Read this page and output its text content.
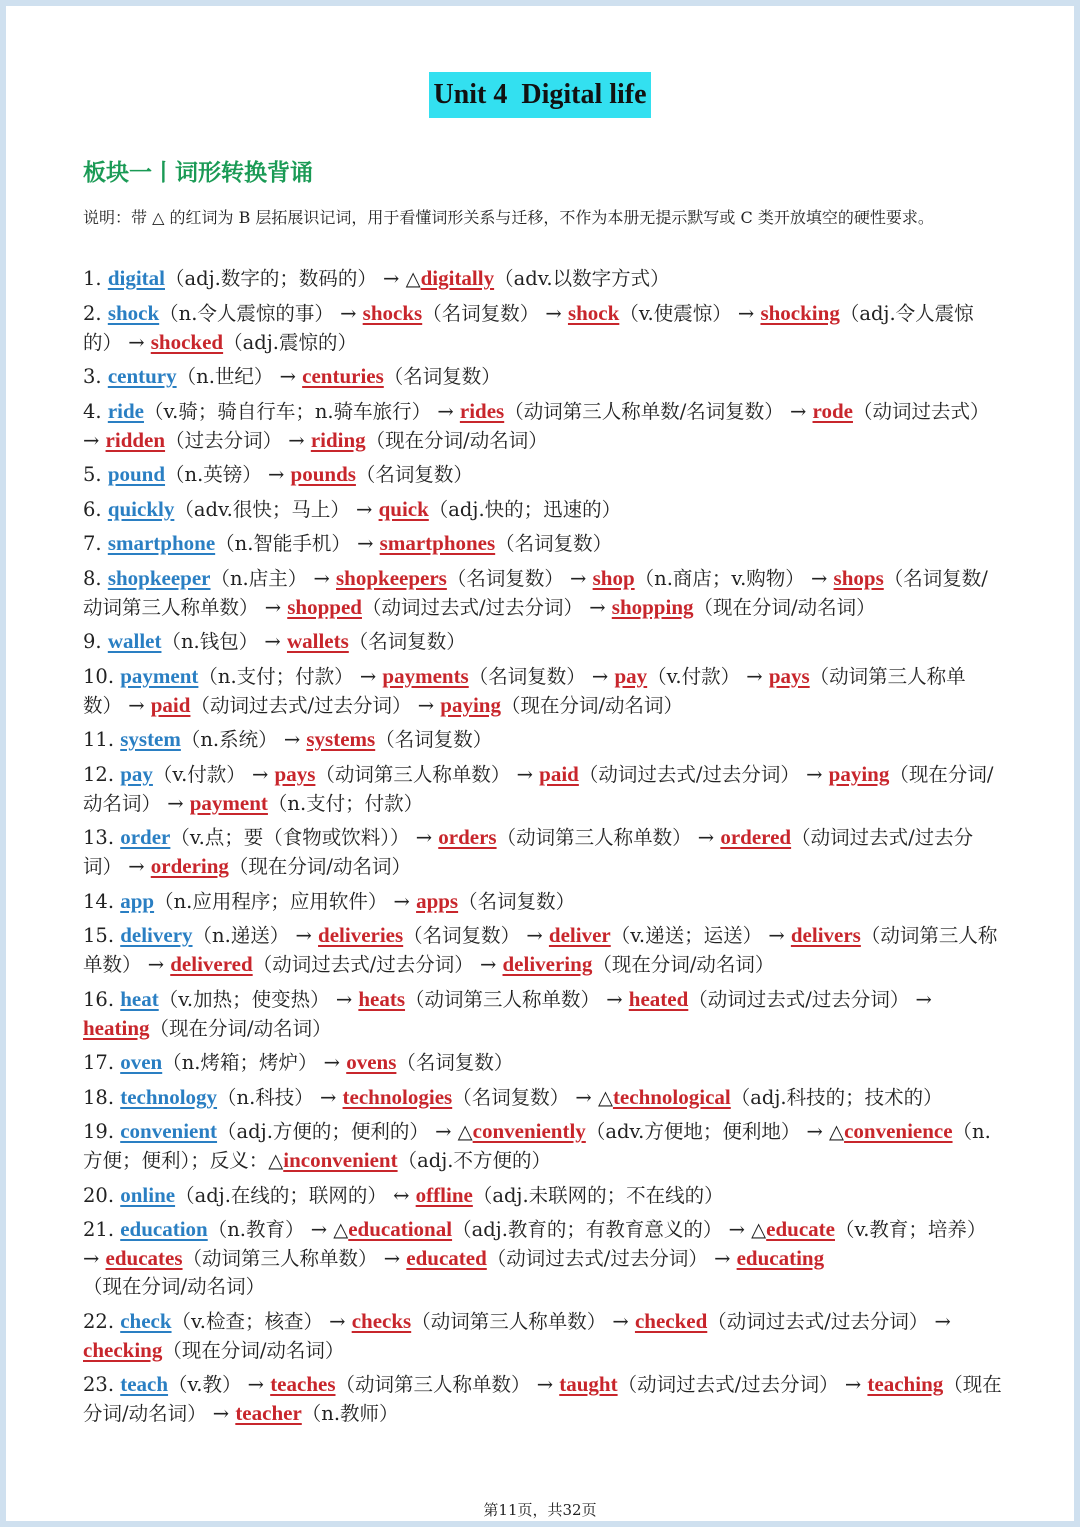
Unit 4  Digital life
板块一丨词形转换背诵
说明：带 △ 的红词为 B 层拓展识记词，用于看懂词形关系与迁移，不作为本册无提示默写或 C 类开放填空的硬性要求。
1. digital（adj.数字的；数码的） → △digitally（adv.以数字方式）
2. shock（n.令人震惊的事） → shocks（名词复数） → shock（v.使震惊） → shocking（adj.令人震惊的） → shocked（adj.震惊的）
3. century（n.世纪） → centuries（名词复数）
4. ride（v.骑；骑自行车；n.骑车旅行） → rides（动词第三人称单数/名词复数） → rode（动词过去式） → ridden（过去分词） → riding（现在分词/动名词）
5. pound（n.英镑） → pounds（名词复数）
6. quickly（adv.很快；马上） → quick（adj.快的；迅速的）
7. smartphone（n.智能手机） → smartphones（名词复数）
8. shopkeeper（n.店主） → shopkeepers（名词复数） → shop（n.商店；v.购物） → shops（名词复数/动词第三人称单数） → shopped（动词过去式/过去分词） → shopping（现在分词/动名词）
9. wallet（n.钱包） → wallets（名词复数）
10. payment（n.支付；付款） → payments（名词复数） → pay（v.付款） → pays（动词第三人称单数） → paid（动词过去式/过去分词） → paying（现在分词/动名词）
11. system（n.系统） → systems（名词复数）
12. pay（v.付款） → pays（动词第三人称单数） → paid（动词过去式/过去分词） → paying（现在分词/动名词） → payment（n.支付；付款）
13. order（v.点；要（食物或饮料）） → orders（动词第三人称单数） → ordered（动词过去式/过去分词） → ordering（现在分词/动名词）
14. app（n.应用程序；应用软件） → apps（名词复数）
15. delivery（n.递送） → deliveries（名词复数） → deliver（v.递送；运送） → delivers（动词第三人称单数） → delivered（动词过去式/过去分词） → delivering（现在分词/动名词）
16. heat（v.加热；使变热） → heats（动词第三人称单数） → heated（动词过去式/过去分词） → heating（现在分词/动名词）
17. oven（n.烤箱；烤炉） → ovens（名词复数）
18. technology（n.科技） → technologies（名词复数） → △technological（adj.科技的；技术的）
19. convenient（adj.方便的；便利的） → △conveniently（adv.方便地；便利地） → △convenience（n.方便；便利）；反义：△inconvenient（adj.不方便的）
20. online（adj.在线的；联网的） ↔ offline（adj.未联网的；不在线的）
21. education（n.教育） → △educational（adj.教育的；有教育意义的） → △educate（v.教育；培养） → educates（动词第三人称单数） → educated（动词过去式/过去分词） → educating（现在分词/动名词）
22. check（v.检查；核查） → checks（动词第三人称单数） → checked（动词过去式/过去分词） → checking（现在分词/动名词）
23. teach（v.教） → teaches（动词第三人称单数） → taught（动词过去式/过去分词） → teaching（现在分词/动名词） → teacher（n.教师）
第11页，共32页
